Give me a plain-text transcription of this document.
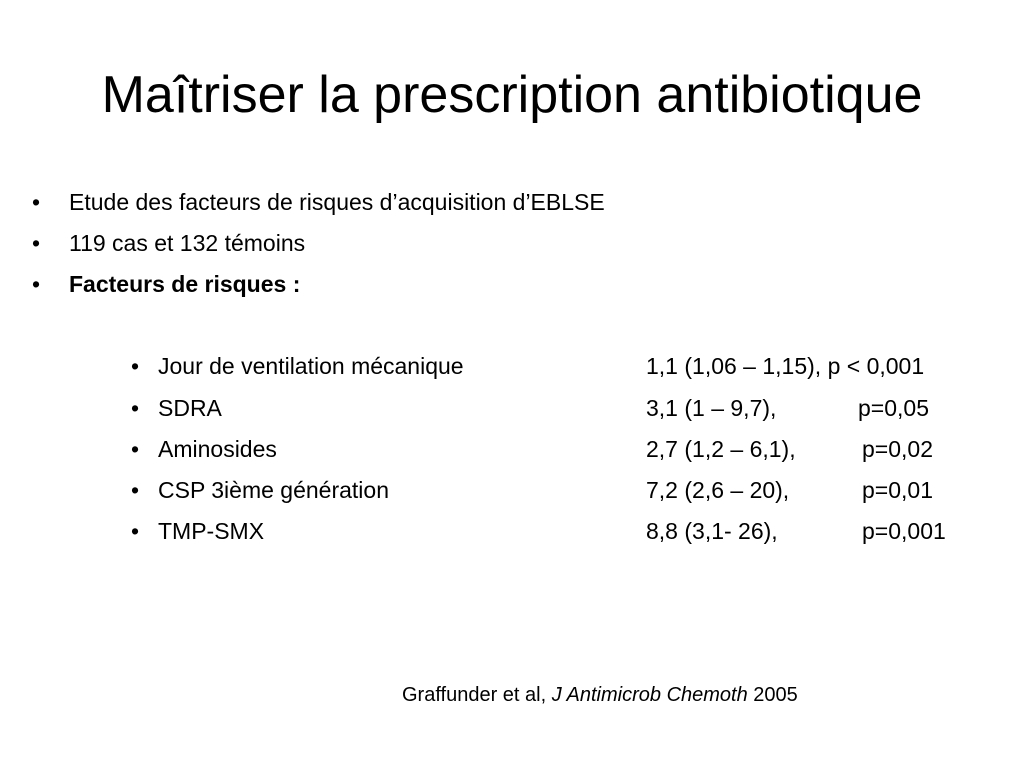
Maîtriser la prescription antibiotique
• Etude des facteurs de risques d’acquisition d’EBLSE
• 119 cas et 132 témoins
• Facteurs de risques :
• Jour de ventilation mécanique	1,1 (1,06 – 1,15), p < 0,001
• SDRA	3,1 (1 – 9,7),	p=0,05
• Aminosides	2,7 (1,2 – 6,1),	p=0,02
• CSP 3ième génération	7,2 (2,6 – 20),	p=0,01
• TMP-SMX	8,8 (3,1- 26),	p=0,001
Graffunder et al, J Antimicrob Chemoth 2005
